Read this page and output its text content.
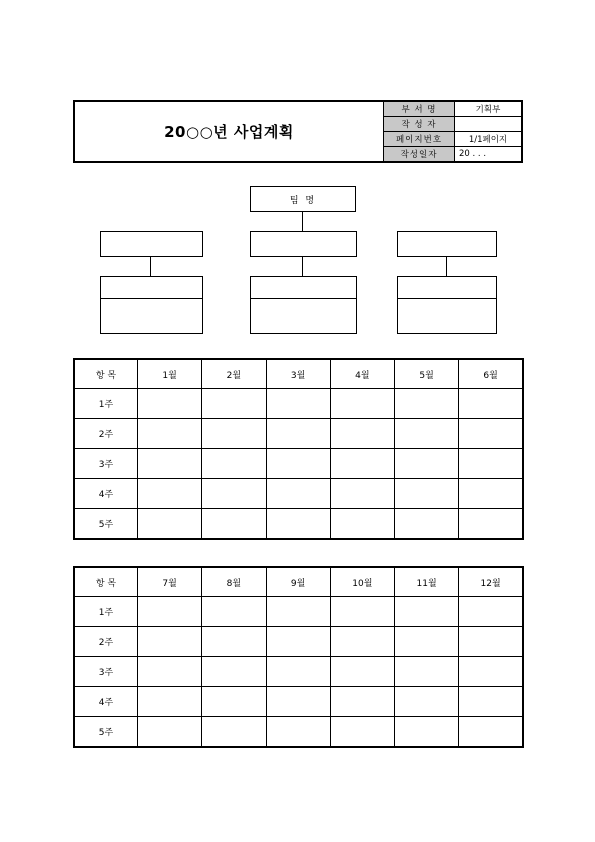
20○○년 사업계획
부 서 명	기획부
작 성 자	
페이지번호	1/1페이지
작성일자	20 . . .
팀 명
항 목	1월	2월	3월	4월	5월	6월
1주						
2주						
3주						
4주						
5주						
항 목	7월	8월	9월	10월	11월	12월
1주						
2주						
3주						
4주						
5주						
